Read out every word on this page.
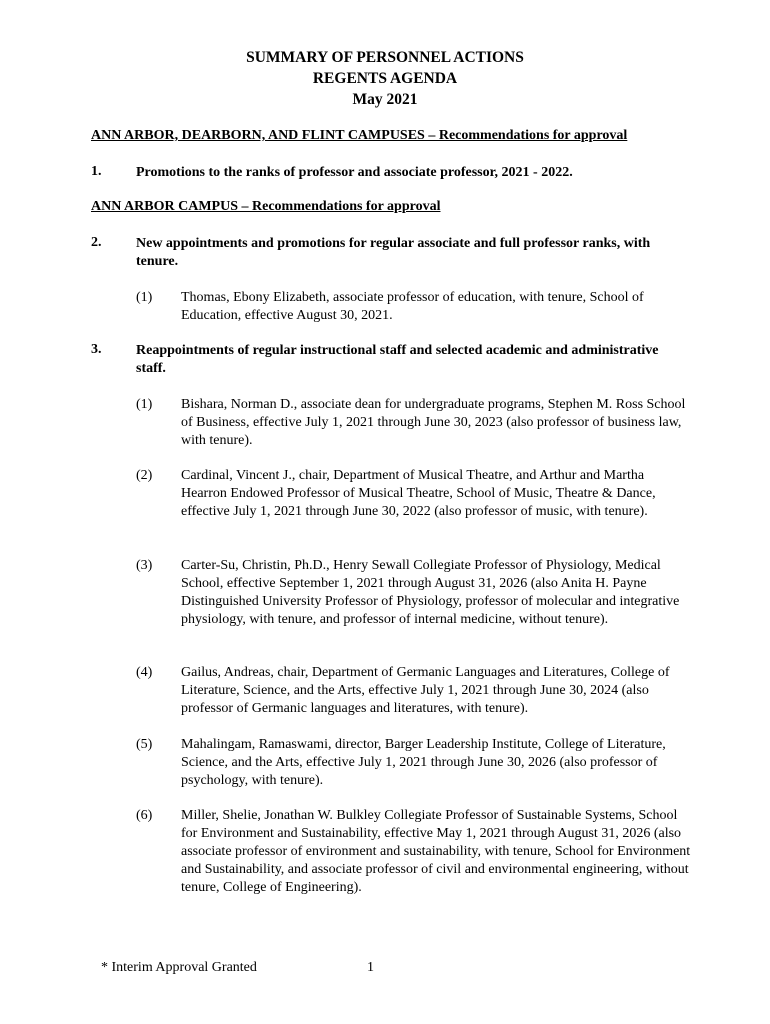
SUMMARY OF PERSONNEL ACTIONS
REGENTS AGENDA
May 2021
ANN ARBOR, DEARBORN, AND FLINT CAMPUSES – Recommendations for approval
1. Promotions to the ranks of professor and associate professor, 2021 - 2022.
ANN ARBOR CAMPUS – Recommendations for approval
2. New appointments and promotions for regular associate and full professor ranks, with tenure.
(1)	Thomas, Ebony Elizabeth, associate professor of education, with tenure, School of Education, effective August 30, 2021.
3. Reappointments of regular instructional staff and selected academic and administrative staff.
(1)	Bishara, Norman D., associate dean for undergraduate programs, Stephen M. Ross School of Business, effective July 1, 2021 through June 30, 2023 (also professor of business law, with tenure).
(2)	Cardinal, Vincent J., chair, Department of Musical Theatre, and Arthur and Martha Hearron Endowed Professor of Musical Theatre, School of Music, Theatre & Dance, effective July 1, 2021 through June 30, 2022 (also professor of music, with tenure).
(3)	Carter-Su, Christin, Ph.D., Henry Sewall Collegiate Professor of Physiology, Medical School, effective September 1, 2021 through August 31, 2026 (also Anita H. Payne Distinguished University Professor of Physiology, professor of molecular and integrative physiology, with tenure, and professor of internal medicine, without tenure).
(4)	Gailus, Andreas, chair, Department of Germanic Languages and Literatures, College of Literature, Science, and the Arts, effective July 1, 2021 through June 30, 2024 (also professor of Germanic languages and literatures, with tenure).
(5)	Mahalingam, Ramaswami, director, Barger Leadership Institute, College of Literature, Science, and the Arts, effective July 1, 2021 through June 30, 2026 (also professor of psychology, with tenure).
(6)	Miller, Shelie, Jonathan W. Bulkley Collegiate Professor of Sustainable Systems, School for Environment and Sustainability, effective May 1, 2021 through August 31, 2026 (also associate professor of environment and sustainability, with tenure, School for Environment and Sustainability, and associate professor of civil and environmental engineering, without tenure, College of Engineering).
* Interim Approval Granted	1
